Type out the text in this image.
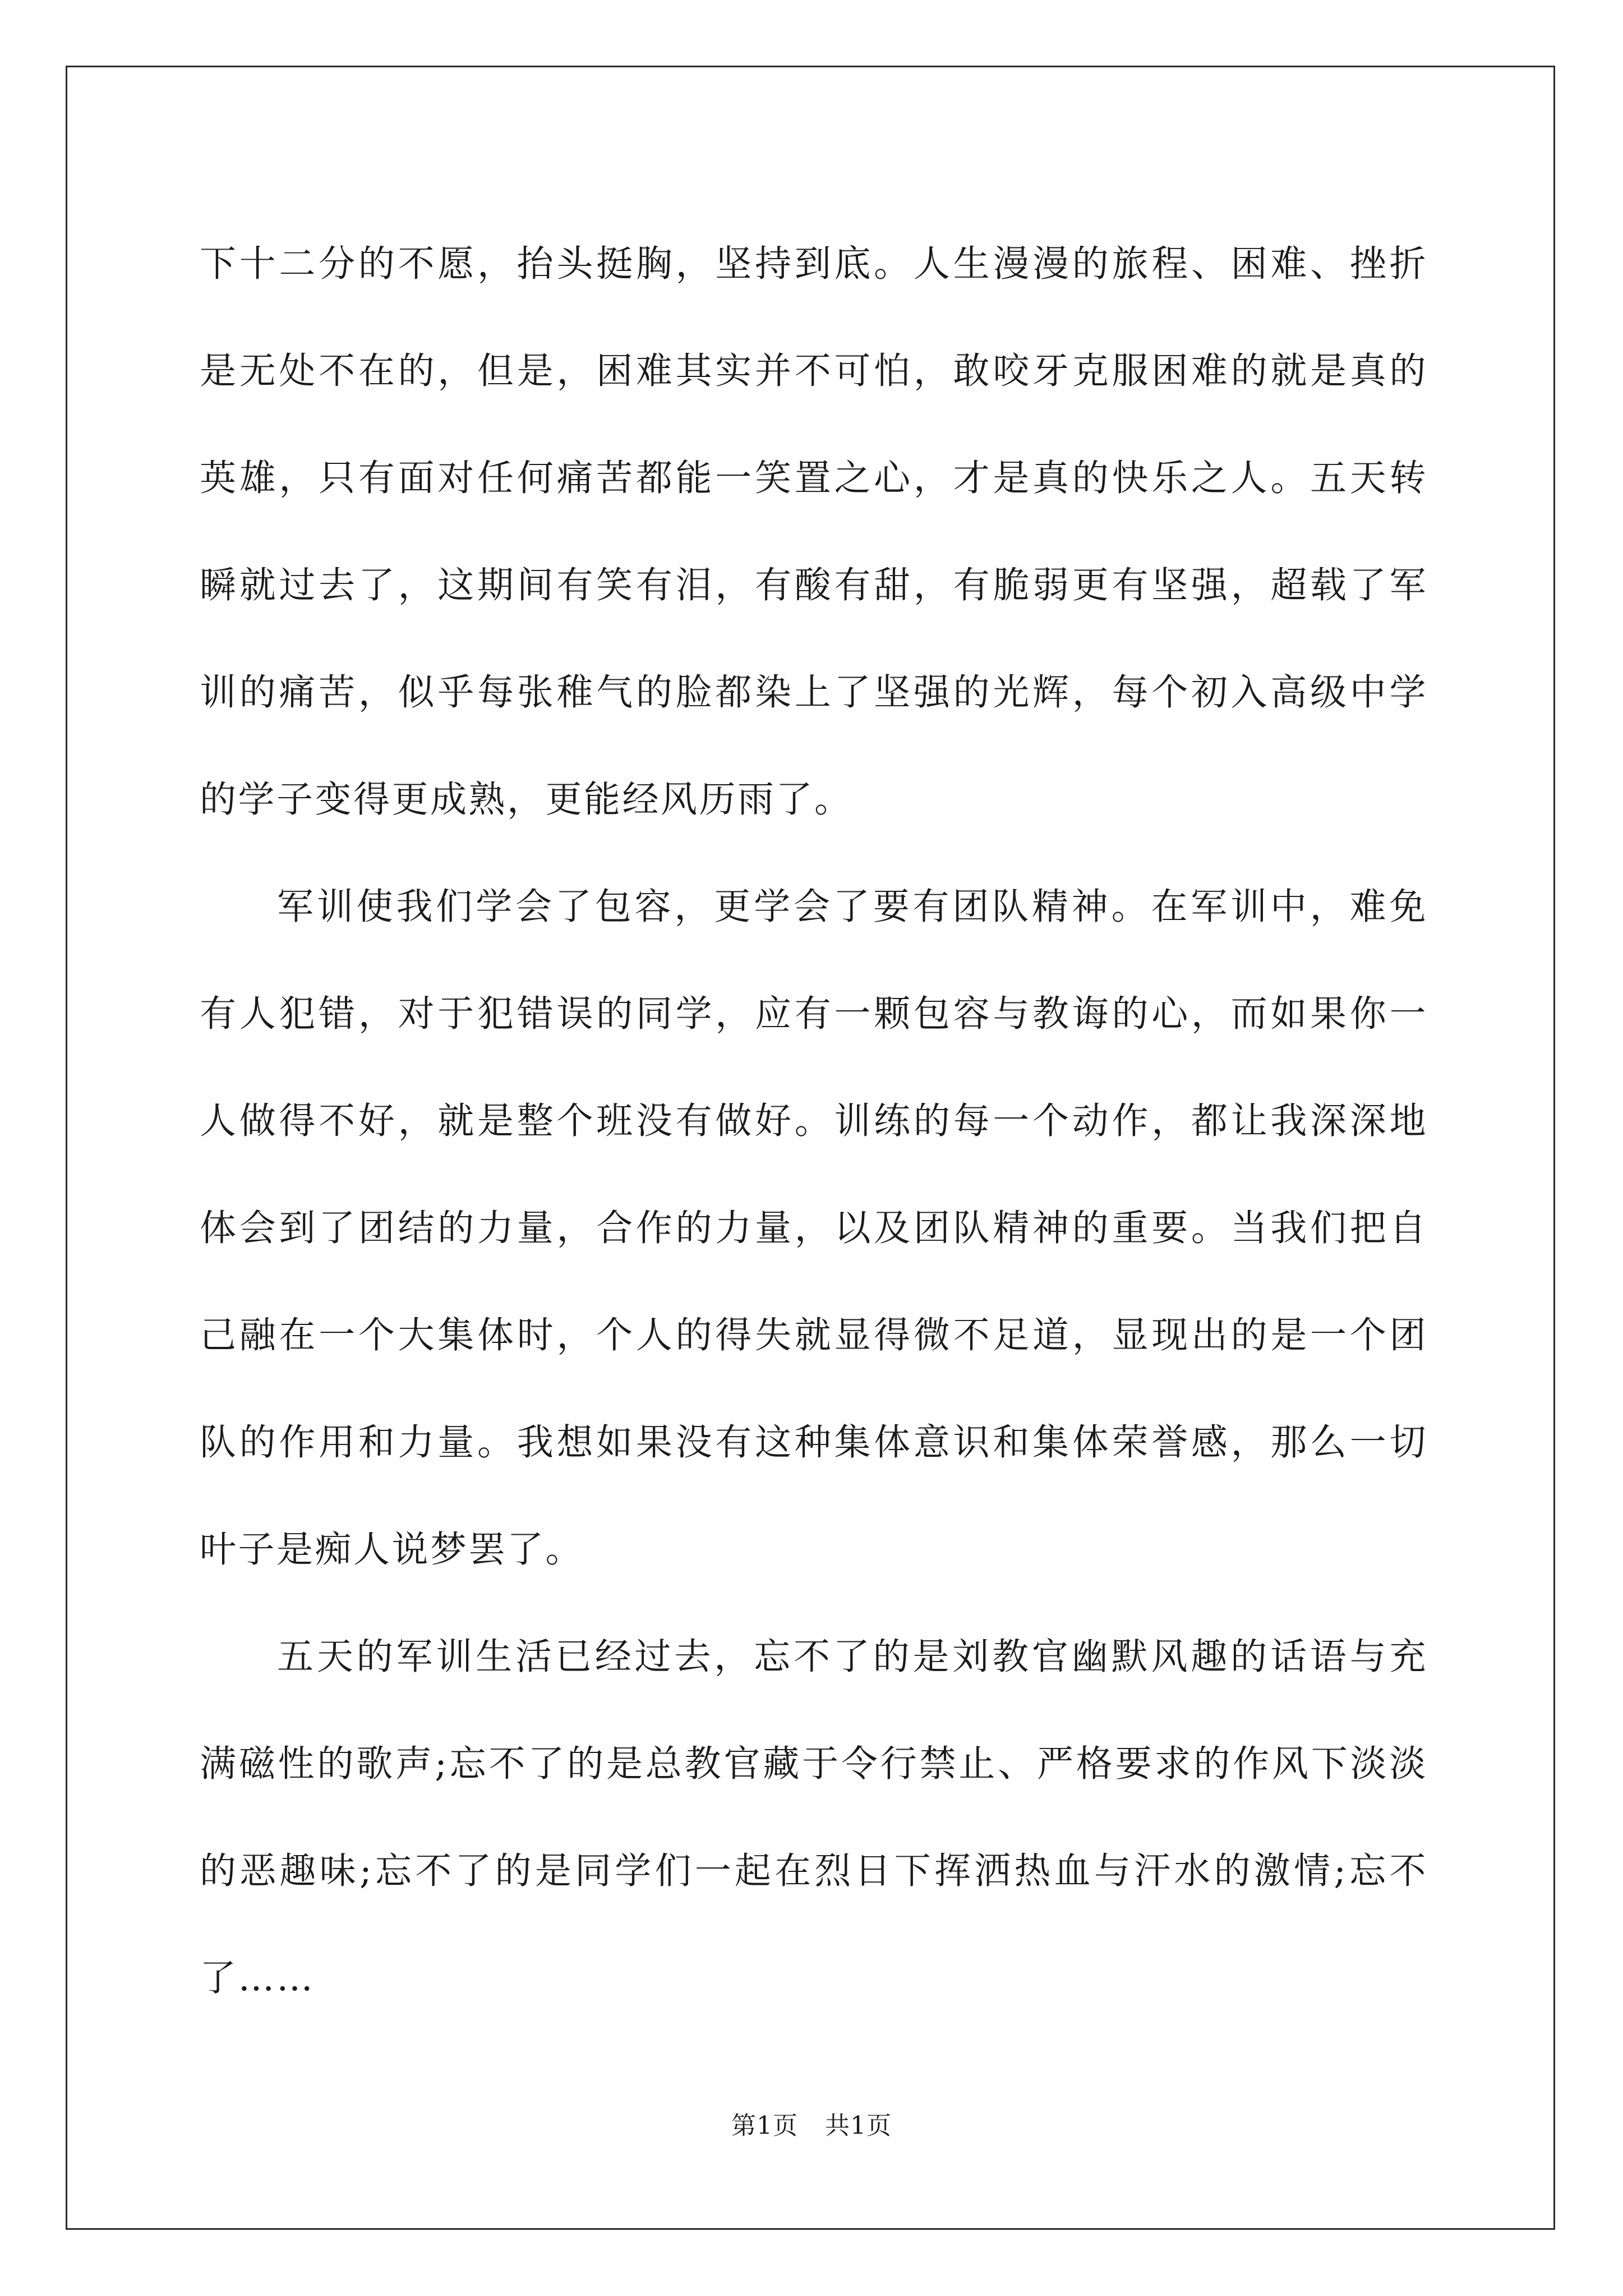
下十二分的不愿，抬头挺胸，坚持到底。人生漫漫的旅程、困难、挫折是无处不在的，但是，困难其实并不可怕，敢咬牙克服困难的就是真的英雄，只有面对任何痛苦都能一笑置之心，才是真的快乐之人。五天转瞬就过去了，这期间有笑有泪，有酸有甜，有脆弱更有坚强，超载了军训的痛苦，似乎每张稚气的脸都染上了坚强的光辉，每个初入高级中学的学子变得更成熟，更能经风历雨了。

军训使我们学会了包容，更学会了要有团队精神。在军训中，难免有人犯错，对于犯错误的同学，应有一颗包容与教诲的心，而如果你一人做得不好，就是整个班没有做好。训练的每一个动作，都让我深深地体会到了团结的力量，合作的力量，以及团队精神的重要。当我们把自己融在一个大集体时，个人的得失就显得微不足道，显现出的是一个团队的作用和力量。我想如果没有这种集体意识和集体荣誉感，那么一切叶子是痴人说梦罢了。

五天的军训生活已经过去，忘不了的是刘教官幽默风趣的话语与充满磁性的歌声;忘不了的是总教官藏于令行禁止、严格要求的作风下淡淡的恶趣味;忘不了的是同学们一起在烈日下挥洒热血与汗水的激情;忘不了……

第1页 共1页
